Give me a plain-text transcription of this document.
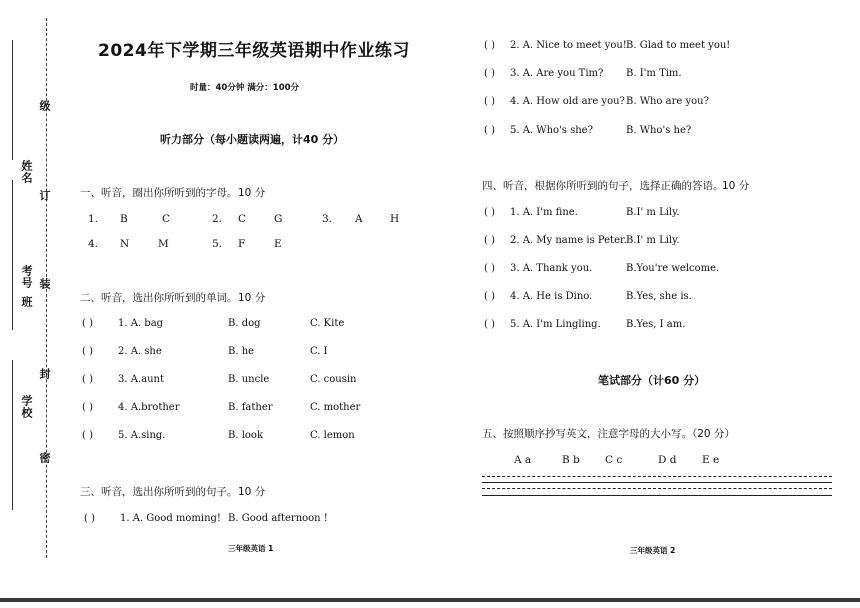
级
姓名
订
考号 装
班
封
学校
密
2024年下学期三年级英语期中作业练习
时量：40分钟 满分：100分
听力部分（每小题读两遍，计40 分）
一、听音，圈出你所听到的字母。 10 分
1. B	C	2. C	G	3. A	H
4. N	M	5. F	E
二、听音，选出你所听到的单词。 10 分
( )	1. A. bag	B. dog	C. Kite
( )	2. A. she	B. he	C. I
( )	3. A.aunt	B. uncle	C. cousin
( )	4. A.brother	B. father	C. mother
( )	5. A.sing.	B. look	C. lemon
三、听音，选出你所听到的句子。 10 分
( )	1. A. Good moming! B. Good afternoon !
三年级英语 1
( ) 2. A. Nice to meet you! B. Glad to meet you!
( ) 3. A. Are you Tim? B. I'm Tim.
( ) 4. A. How old are you? B. Who are you?
( ) 5. A. Who's she?	B. Who's he?
四、听音，根据你所听到的句子，选择正确的答语。
10 分
( ) 1. A. I'm fine.	B.I' m Lily.
( ) 2. A. My name is Peter. B.I' m Lily.
( ) 3. A. Thank you.	B.You're welcome.
( ) 4. A. He is Dino.	B.Yes, she is.
( ) 5. A. I'm Lingling.	B.Yes, I am.
笔试部分（计60 分）
五、按照顺序抄写英文，注意字母的大小写。（20 分）
A a	B b C c	D d E e
三年级英语 2
